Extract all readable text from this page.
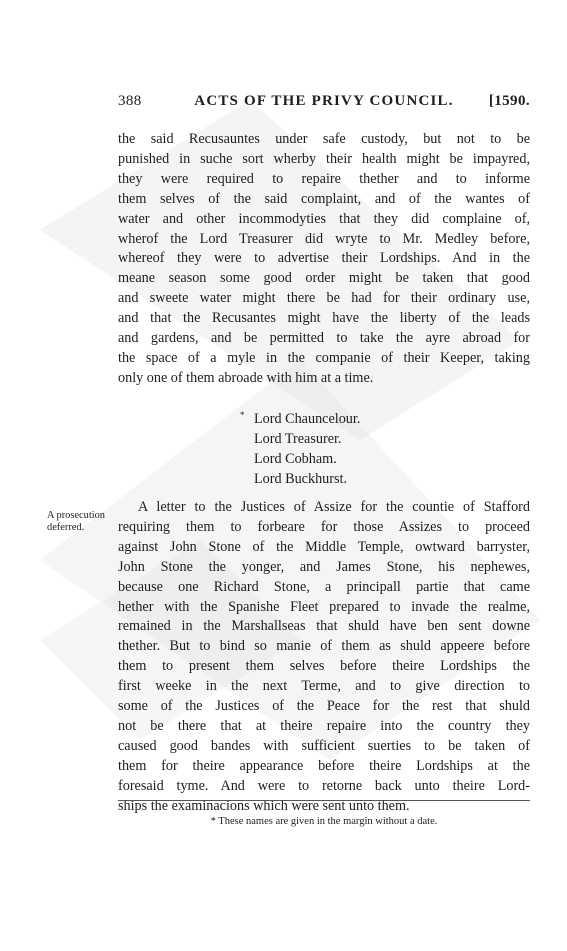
388	ACTS OF THE PRIVY COUNCIL.	[1590.
the said Recusauntes under safe custody, but not to be
punished in suche sort wherby their health might be impayred,
they were required to repaire thether and to informe
them selves of the said complaint, and of the wantes of
water and other incommodyties that they did complaine of,
wherof the Lord Treasurer did wryte to Mr. Medley before,
whereof they were to advertise their Lordships. And in the
meane season some good order might be taken that good
and sweete water might there be had for their ordinary use,
and that the Recusantes might have the liberty of the leads
and gardens, and be permitted to take the ayre abroad for
the space of a myle in the companie of their Keeper, taking
only one of them abroade with him at a time.
* Lord Chauncelour.
Lord Treasurer.
Lord Cobham.
Lord Buckhurst.
A prosecution
deferred.
A letter to the Justices of Assize for the countie of Stafford
requiring them to forbeare for those Assizes to proceed
against John Stone of the Middle Temple, owtward barryster,
John Stone the yonger, and James Stone, his nephewes,
because one Richard Stone, a principall partie that came
hether with the Spanishe Fleet prepared to invade the realme,
remained in the Marshallseas that shuld have ben sent downe
thether. But to bind so manie of them as shuld appeere before
them to present them selves before theire Lordships the
first weeke in the next Terme, and to give direction to
some of the Justices of the Peace for the rest that shuld
not be there that at theire repaire into the country they
caused good bandes with sufficient suerties to be taken of
them for theire appearance before theire Lordships at the
foresaid tyme. And were to retorne back unto theire Lord-
ships the examinacions which were sent unto them.
* These names are given in the margin without a date.
